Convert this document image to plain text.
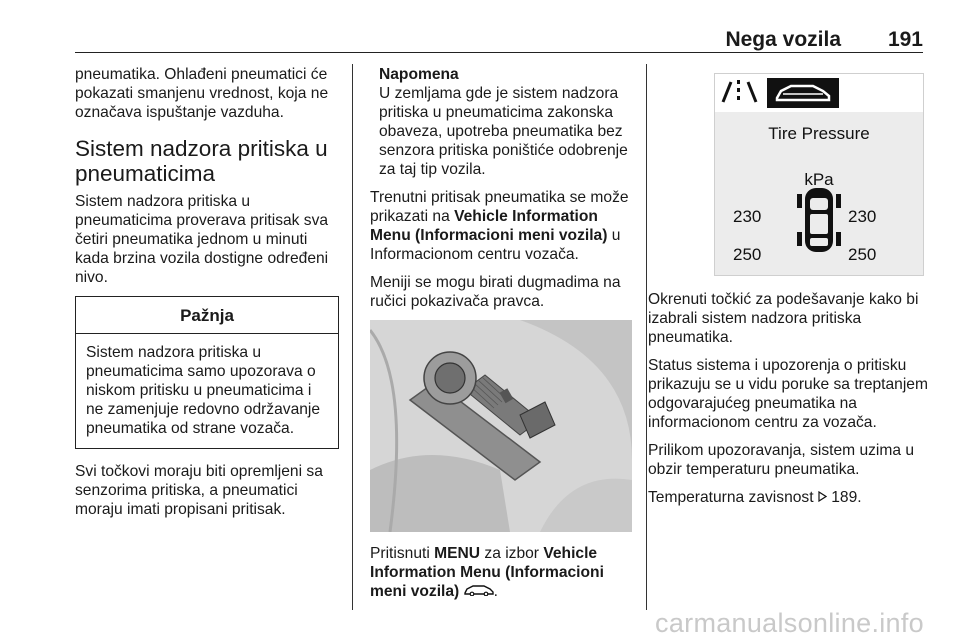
Nega vozila 191

pneumatika. Ohlađeni pneumatici će pokazati smanjenu vrednost, koja ne označava ispuštanje vazduha.

Sistem nadzora pritiska u pneumaticima

Sistem nadzora pritiska u pneumaticima proverava pritisak sva četiri pneumatika jednom u minuti kada brzina vozila dostigne određeni nivo.

Pažnja
Sistem nadzora pritiska u pneumaticima samo upozorava o niskom pritisku u pneumaticima i ne zamenjuje redovno održavanje pneumatika od strane vozača.

Svi točkovi moraju biti opremljeni sa senzorima pritiska, a pneumatici moraju imati propisani pritisak.

Napomena
U zemljama gde je sistem nadzora pritiska u pneumaticima zakonska obaveza, upotreba pneumatika bez senzora pritiska poništiće odobrenje za taj tip vozila.

Trenutni pritisak pneumatika se može prikazati na Vehicle Information Menu (Informacioni meni vozila) u Informacionom centru vozača.

Meniji se mogu birati dugmadima na ručici pokazivača pravca.

Pritisnuti MENU za izbor Vehicle Information Menu (Informacioni meni vozila) .

Tire Pressure
kPa
230	230
250	250

Okrenuti točkić za podešavanje kako bi izabrali sistem nadzora pritiska pneumatika.

Status sistema i upozorenja o pritisku prikazuju se u vidu poruke sa treptanjem odgovarajućeg pneumatika na informacionom centru za vozača.

Prilikom upozoravanja, sistem uzima u obzir temperaturu pneumatika.

Temperaturna zavisnost  189.

carmanualsonline.info
